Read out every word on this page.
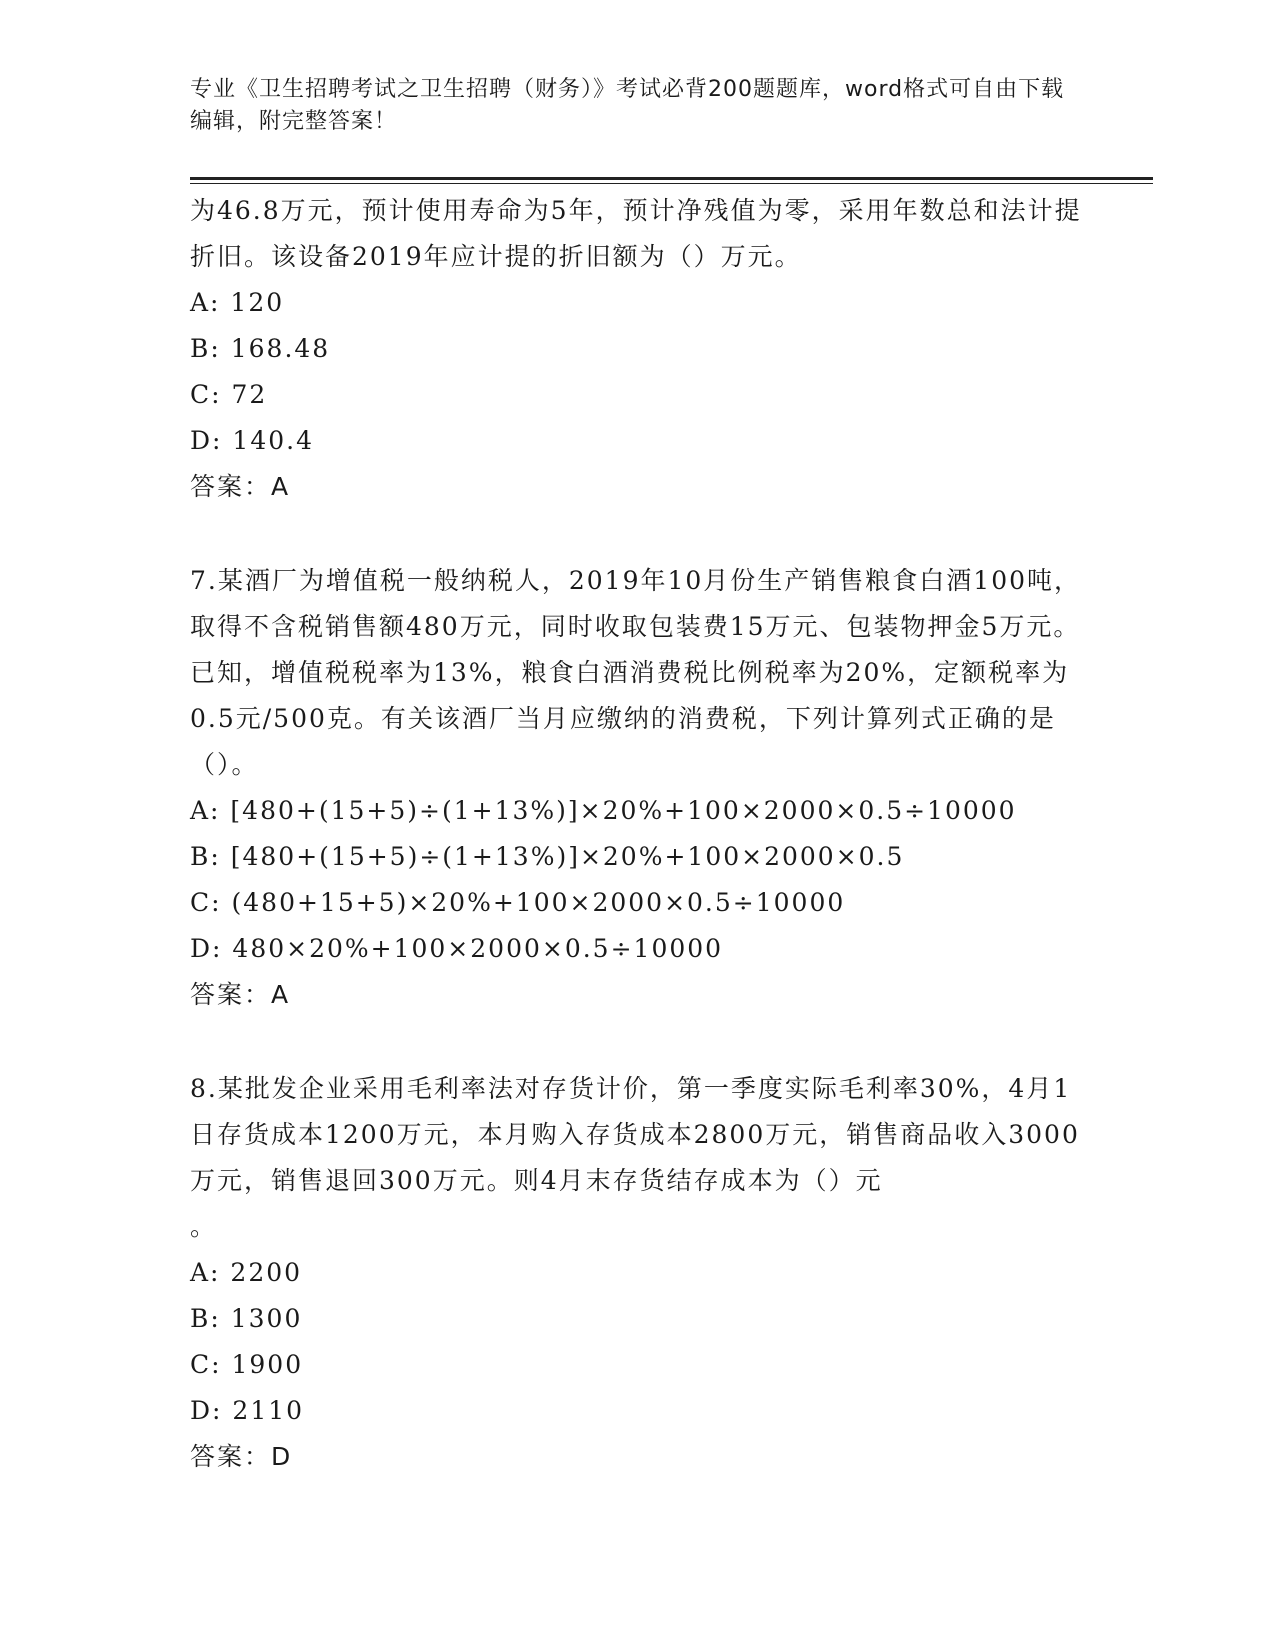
专业《卫生招聘考试之卫生招聘（财务）》考试必背200题题库，word格式可自由下载编辑，附完整答案！

为46.8万元，预计使用寿命为5年，预计净残值为零，采用年数总和法计提折旧。该设备2019年应计提的折旧额为（）万元。

A: 120

B: 168.48

C: 72

D: 140.4

答案：A

7.某酒厂为增值税一般纳税人，2019年10月份生产销售粮食白酒100吨，取得不含税销售额480万元，同时收取包装费15万元、包装物押金5万元。已知，增值税税率为13%，粮食白酒消费税比例税率为20%，定额税率为0.5元/500克。有关该酒厂当月应缴纳的消费税，下列计算列式正确的是（）。

A: [480+(15+5)÷(1+13%)]×20%+100×2000×0.5÷10000

B: [480+(15+5)÷(1+13%)]×20%+100×2000×0.5

C: (480+15+5)×20%+100×2000×0.5÷10000

D: 480×20%+100×2000×0.5÷10000

答案：A

8.某批发企业采用毛利率法对存货计价，第一季度实际毛利率30%，4月1日存货成本1200万元，本月购入存货成本2800万元，销售商品收入3000万元，销售退回300万元。则4月末存货结存成本为（）元

。

A: 2200

B: 1300

C: 1900

D: 2110

答案：D
